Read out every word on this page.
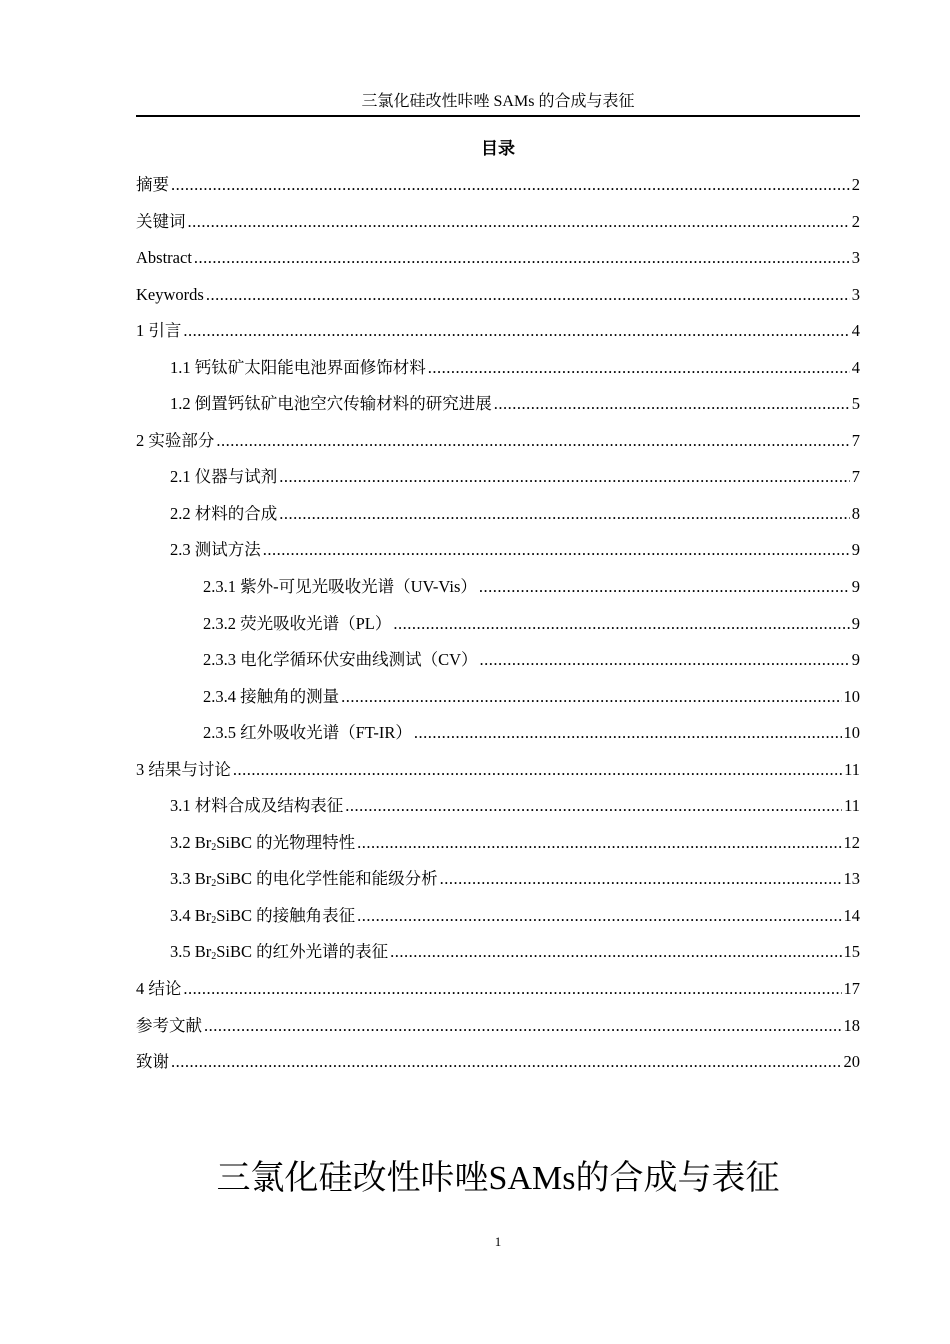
三氯化硅改性咔唑 SAMs 的合成与表征
目录
摘要 .....	2
关键词 .....	2
Abstract .....	3
Keywords .....	3
1 引言 .....	4
1.1 钙钛矿太阳能电池界面修饰材料 .....	4
1.2 倒置钙钛矿电池空穴传输材料的研究进展 .....	5
2 实验部分 .....	7
2.1 仪器与试剂 .....	7
2.2 材料的合成 .....	8
2.3 测试方法 .....	9
2.3.1 紫外-可见光吸收光谱（UV-Vis） .....	9
2.3.2 荧光吸收光谱（PL） .....	9
2.3.3 电化学循环伏安曲线测试（CV） .....	9
2.3.4 接触角的测量 .....	10
2.3.5 红外吸收光谱（FT-IR） .....	10
3 结果与讨论 .....	11
3.1 材料合成及结构表征 .....	11
3.2 $Br_2SiBC$ 的光物理特性 .....	12
3.3 $Br_2SiBC$ 的电化学性能和能级分析 .....	13
3.4 $Br_2SiBC$ 的接触角表征 .....	14
3.5 $Br_2SiBC$ 的红外光谱的表征 .....	15
4 结论 .....	17
参考文献 .....	18
致谢 .....	20
三氯化硅改性咔唑SAMs的合成与表征
1
